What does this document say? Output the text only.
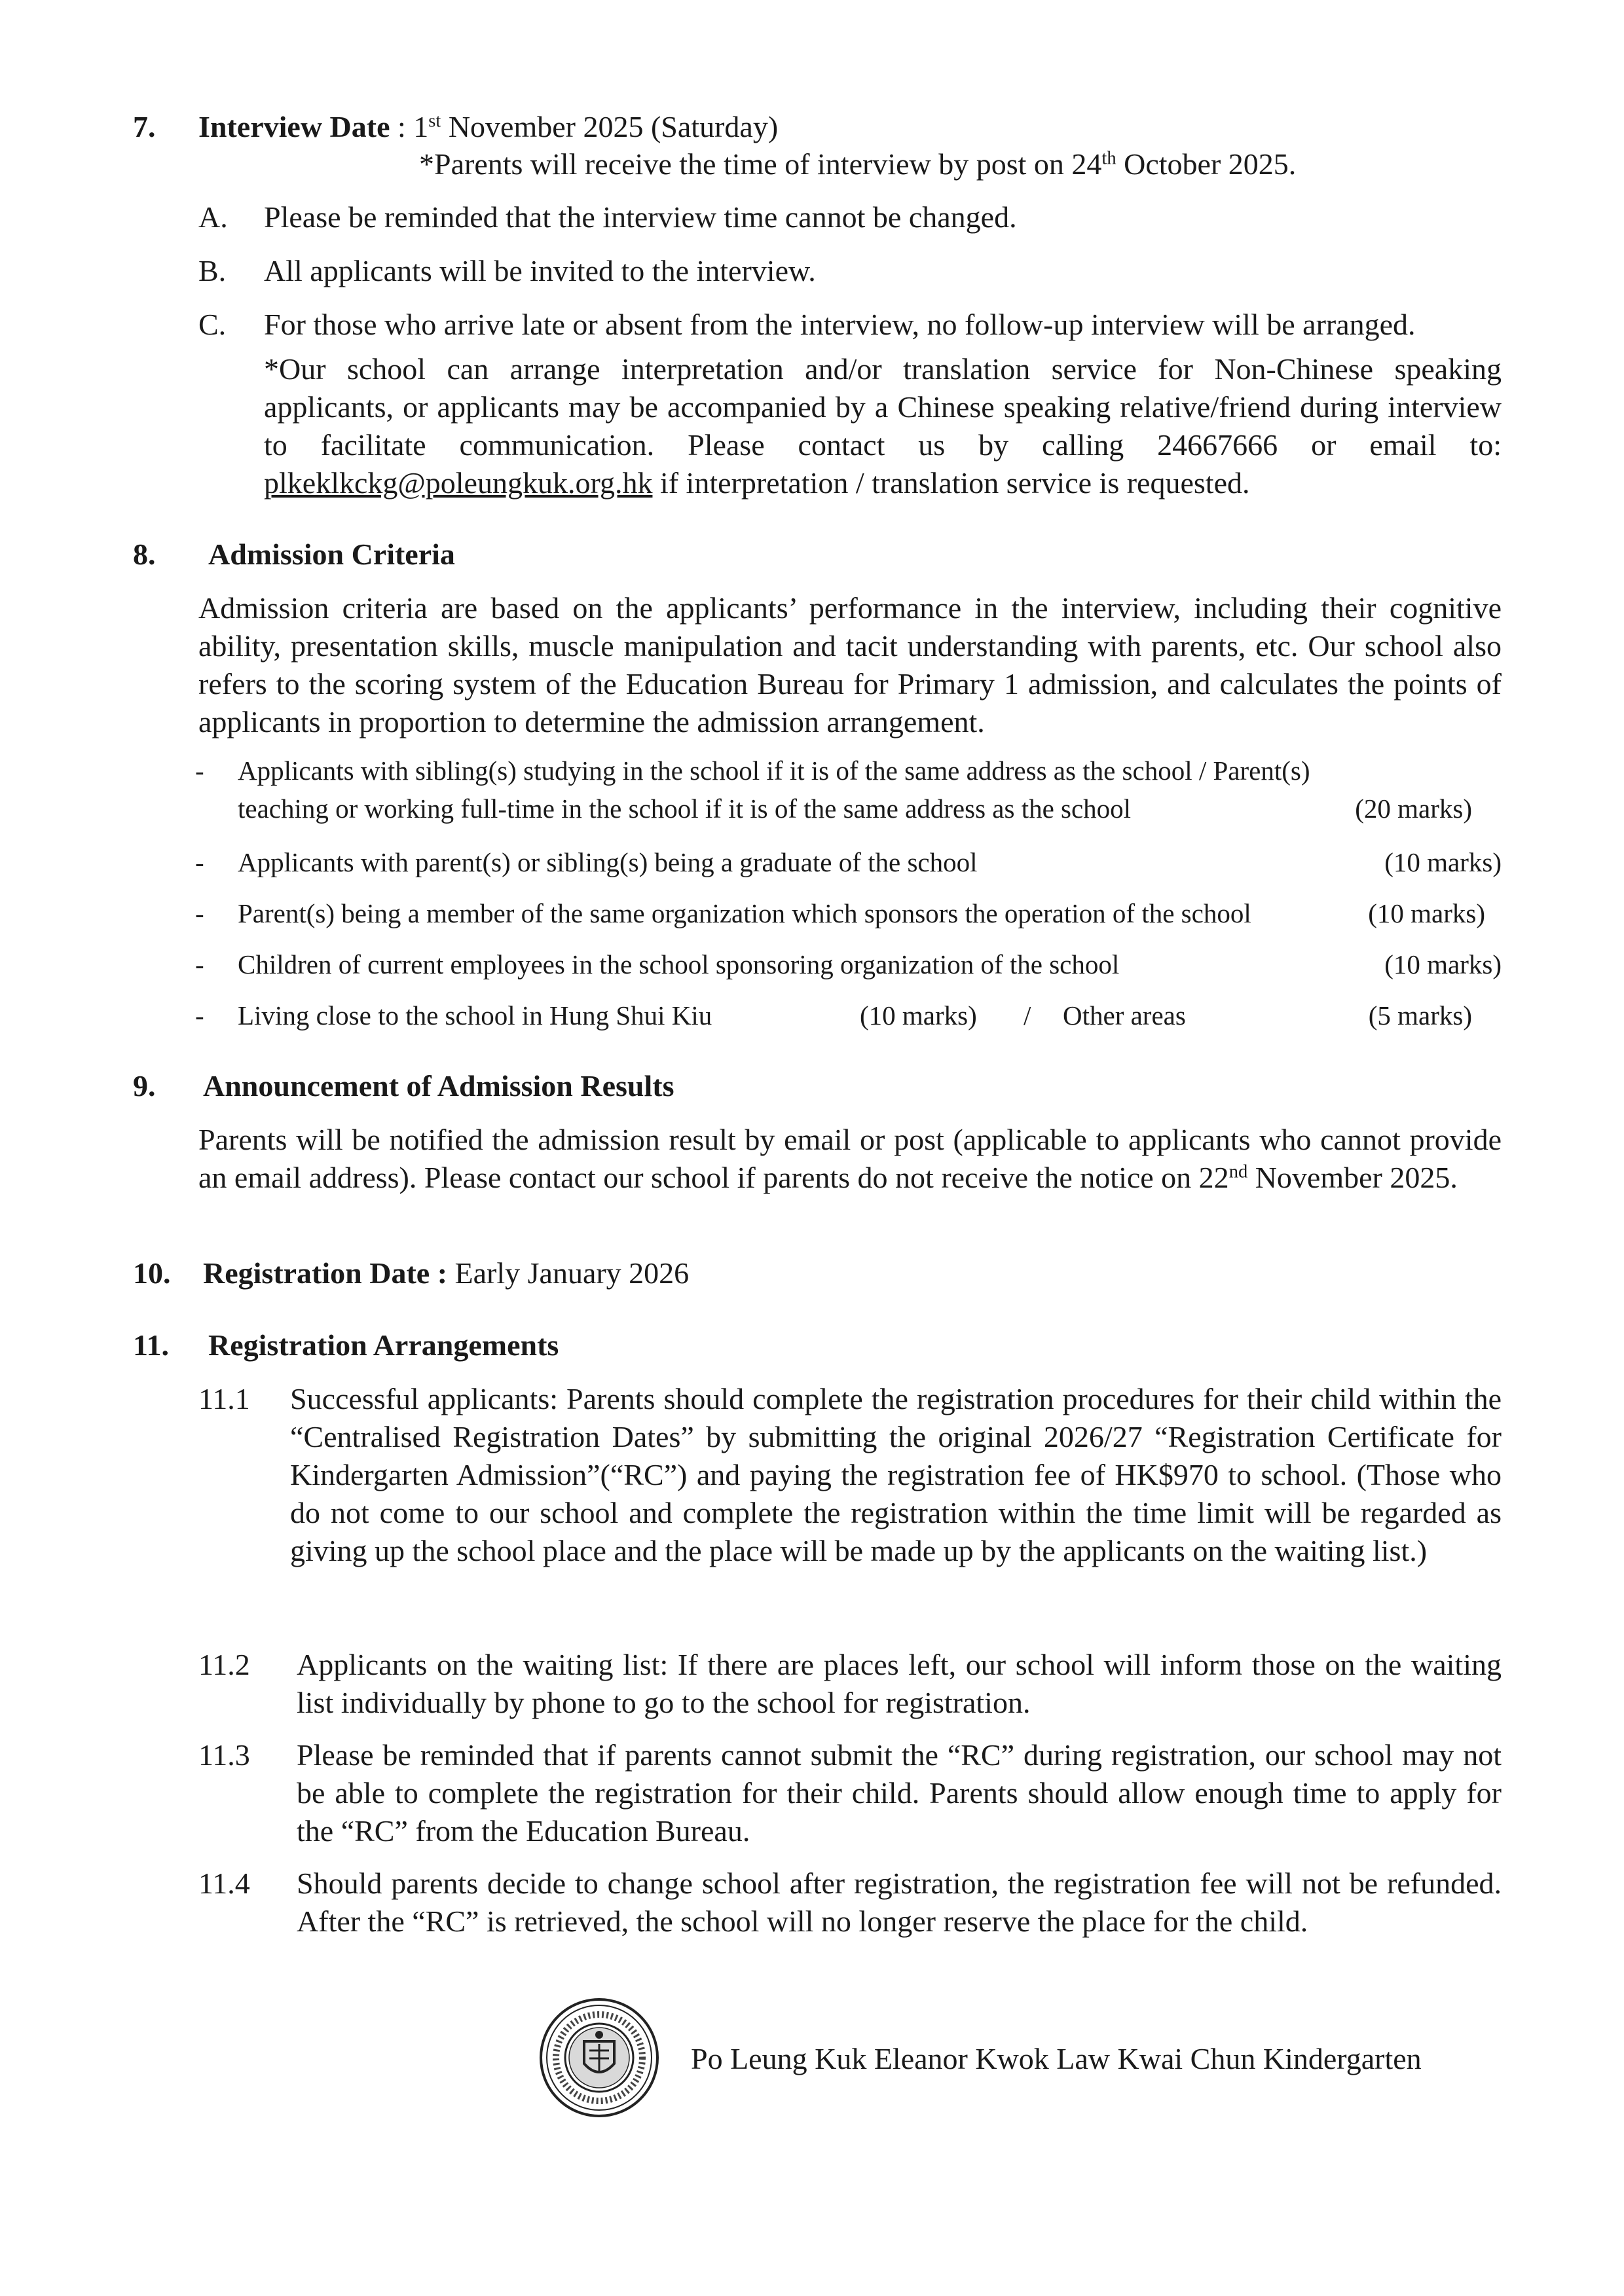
7. Interview Date : 1st November 2025 (Saturday)
*Parents will receive the time of interview by post on 24th October 2025.
A. Please be reminded that the interview time cannot be changed.
B. All applicants will be invited to the interview.
C. For those who arrive late or absent from the interview, no follow-up interview will be arranged.
*Our school can arrange interpretation and/or translation service for Non-Chinese speaking applicants, or applicants may be accompanied by a Chinese speaking relative/friend during interview to facilitate communication. Please contact us by calling 24667666 or email to: plkeklkckg@poleungkuk.org.hk if interpretation / translation service is requested.
8. Admission Criteria
Admission criteria are based on the applicants’ performance in the interview, including their cognitive ability, presentation skills, muscle manipulation and tacit understanding with parents, etc. Our school also refers to the scoring system of the Education Bureau for Primary 1 admission, and calculates the points of applicants in proportion to determine the admission arrangement.
- Applicants with sibling(s) studying in the school if it is of the same address as the school / Parent(s)
teaching or working full-time in the school if it is of the same address as the school	(20 marks)
- Applicants with parent(s) or sibling(s) being a graduate of the school	(10 marks)
- Parent(s) being a member of the same organization which sponsors the operation of the school	(10 marks)
- Children of current employees in the school sponsoring organization of the school	(10 marks)
- Living close to the school in Hung Shui Kiu	(10 marks) / Other areas	(5 marks)
9. Announcement of Admission Results
Parents will be notified the admission result by email or post (applicable to applicants who cannot provide an email address). Please contact our school if parents do not receive the notice on 22nd November 2025.
10. Registration Date : Early January 2026
11. Registration Arrangements
11.1 Successful applicants: Parents should complete the registration procedures for their child within the “Centralised Registration Dates” by submitting the original 2026/27 “Registration Certificate for Kindergarten Admission”(“RC”) and paying the registration fee of HK$970 to school. (Those who do not come to our school and complete the registration within the time limit will be regarded as giving up the school place and the place will be made up by the applicants on the waiting list.)
11.2 Applicants on the waiting list: If there are places left, our school will inform those on the waiting list individually by phone to go to the school for registration.
11.3 Please be reminded that if parents cannot submit the “RC” during registration, our school may not be able to complete the registration for their child. Parents should allow enough time to apply for the “RC” from the Education Bureau.
11.4 Should parents decide to change school after registration, the registration fee will not be refunded. After the “RC” is retrieved, the school will no longer reserve the place for the child.
Po Leung Kuk Eleanor Kwok Law Kwai Chun Kindergarten
